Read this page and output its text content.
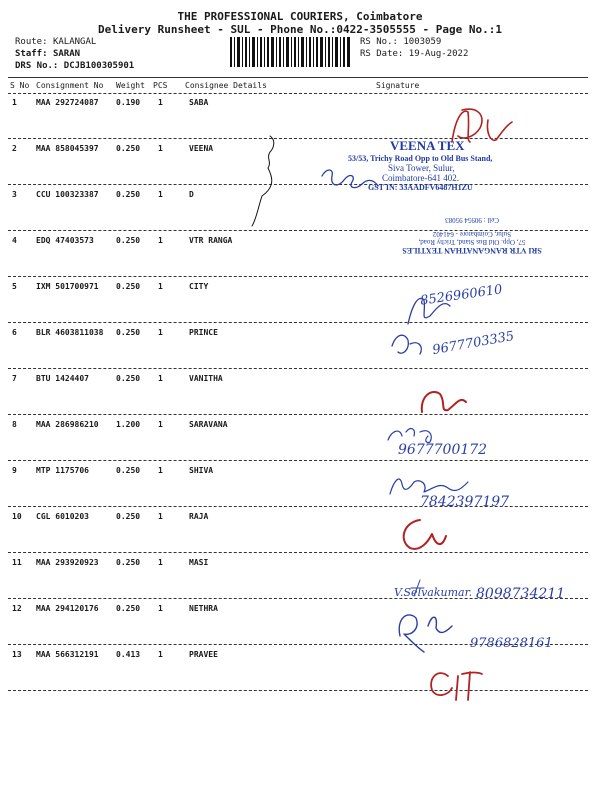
THE PROFESSIONAL COURIERS, Coimbatore
Delivery Runsheet - SUL - Phone No.:0422-3505555 - Page No.:1
Route: KALANGAL
Staff: SARAN
DRS No.: DCJB100305901
RS No.: 1003059
RS Date: 19-Aug-2022
S No Consignment No Weight PCS Consignee Details	Signature
1 MAA 292724087 0.190 1	SABA
2 MAA 858045397 0.250 1	VEENA
3 CCU 100323387 0.250 1	D
4 EDQ 47403573	0.250 1	VTR RANGA
5 IXM 501700971 0.250 1	CITY
6 BLR 4603811038 0.250 1	PRINCE
7 BTU 1424407	0.250 1	VANITHA
8 MAA 286986210 1.200 1	SARAVANA
9 MTP 1175706	0.250 1	SHIVA
10 CGL 6010203	0.250 1	RAJA
11 MAA 293920923 0.250 1	MASI
12 MAA 294120176 0.250 1	NETHRA
13 MAA 566312191 0.413 1	PRAVEE
VEENA TEX
53/53, Trichy Road Opp to Old Bus Stand,
Siva Tower, Sulur,
Coimbatore-641 402.
GST IN: 33AADFV6487H1ZU
SRI VTR RANGANATHAN TEXTILES
57, Opp. Old Bus Stand, Trichy Road,
Sulur, Coimbatore - 641402
Cell : 90954 95083
8526960610
9677703335
9677700172
7842397197
V.Selvakumar. 8098734211
9786828161
